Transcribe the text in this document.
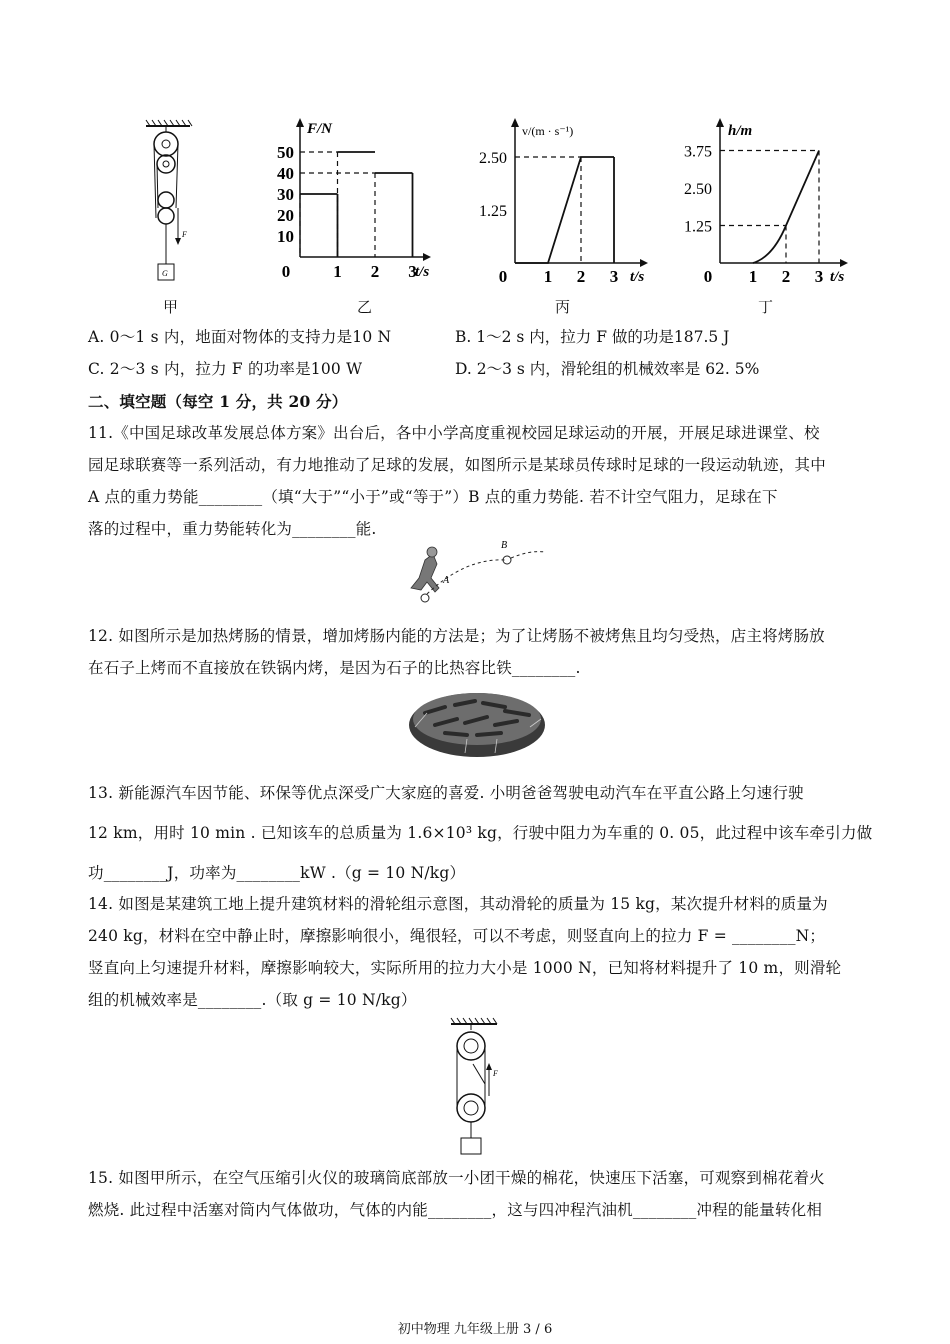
F
G
甲
10
20
30
40
50
0	1 2 3
F/N
t/s
乙
1.25
2.50
0 1 2 3
v/(m · s⁻¹)
t/s
丙
1.25
2.50
3.75
0 1 2 3
h/m
t/s
丁
A. 0～1 s 内，地面对物体的支持力是10 N	B. 1～2 s 内，拉力 F 做的功是187.5 J
C. 2～3 s 内，拉力 F 的功率是100 W	D. 2～3 s 内，滑轮组的机械效率是 62. 5%
二、填空题（每空 1 分，共 20 分）
11.《中国足球改革发展总体方案》出台后，各中小学高度重视校园足球运动的开展，开展足球进课堂、校
园足球联赛等一系列活动，有力地推动了足球的发展，如图所示是某球员传球时足球的一段运动轨迹，其中
A 点的重力势能________（填“大于”“小于”或“等于”）B 点的重力势能. 若不计空气阻力，足球在下
落的过程中，重力势能转化为________能.
A
B
12. 如图所示是加热烤肠的情景，增加烤肠内能的方法是；为了让烤肠不被烤焦且均匀受热，店主将烤肠放
在石子上烤而不直接放在铁锅内烤，是因为石子的比热容比铁________.
13. 新能源汽车因节能、环保等优点深受广大家庭的喜爱. 小明爸爸驾驶电动汽车在平直公路上匀速行驶
12 km，用时 10 min . 已知该车的总质量为 1.6×10³ kg，行驶中阻力为车重的 0. 05，此过程中该车牵引力做
功________J，功率为________kW .（g = 10 N/kg）
14. 如图是某建筑工地上提升建筑材料的滑轮组示意图，其动滑轮的质量为 15 kg，某次提升材料的质量为
240 kg，材料在空中静止时，摩擦影响很小，绳很轻，可以不考虑，则竖直向上的拉力 F = ________N；
竖直向上匀速提升材料，摩擦影响较大，实际所用的拉力大小是 1000 N，已知将材料提升了 10 m，则滑轮
组的机械效率是________.（取 g = 10 N/kg）
F
15. 如图甲所示，在空气压缩引火仪的玻璃筒底部放一小团干燥的棉花，快速压下活塞，可观察到棉花着火
燃烧. 此过程中活塞对筒内气体做功，气体的内能________，这与四冲程汽油机________冲程的能量转化相
初中物理 九年级上册 3 / 6
